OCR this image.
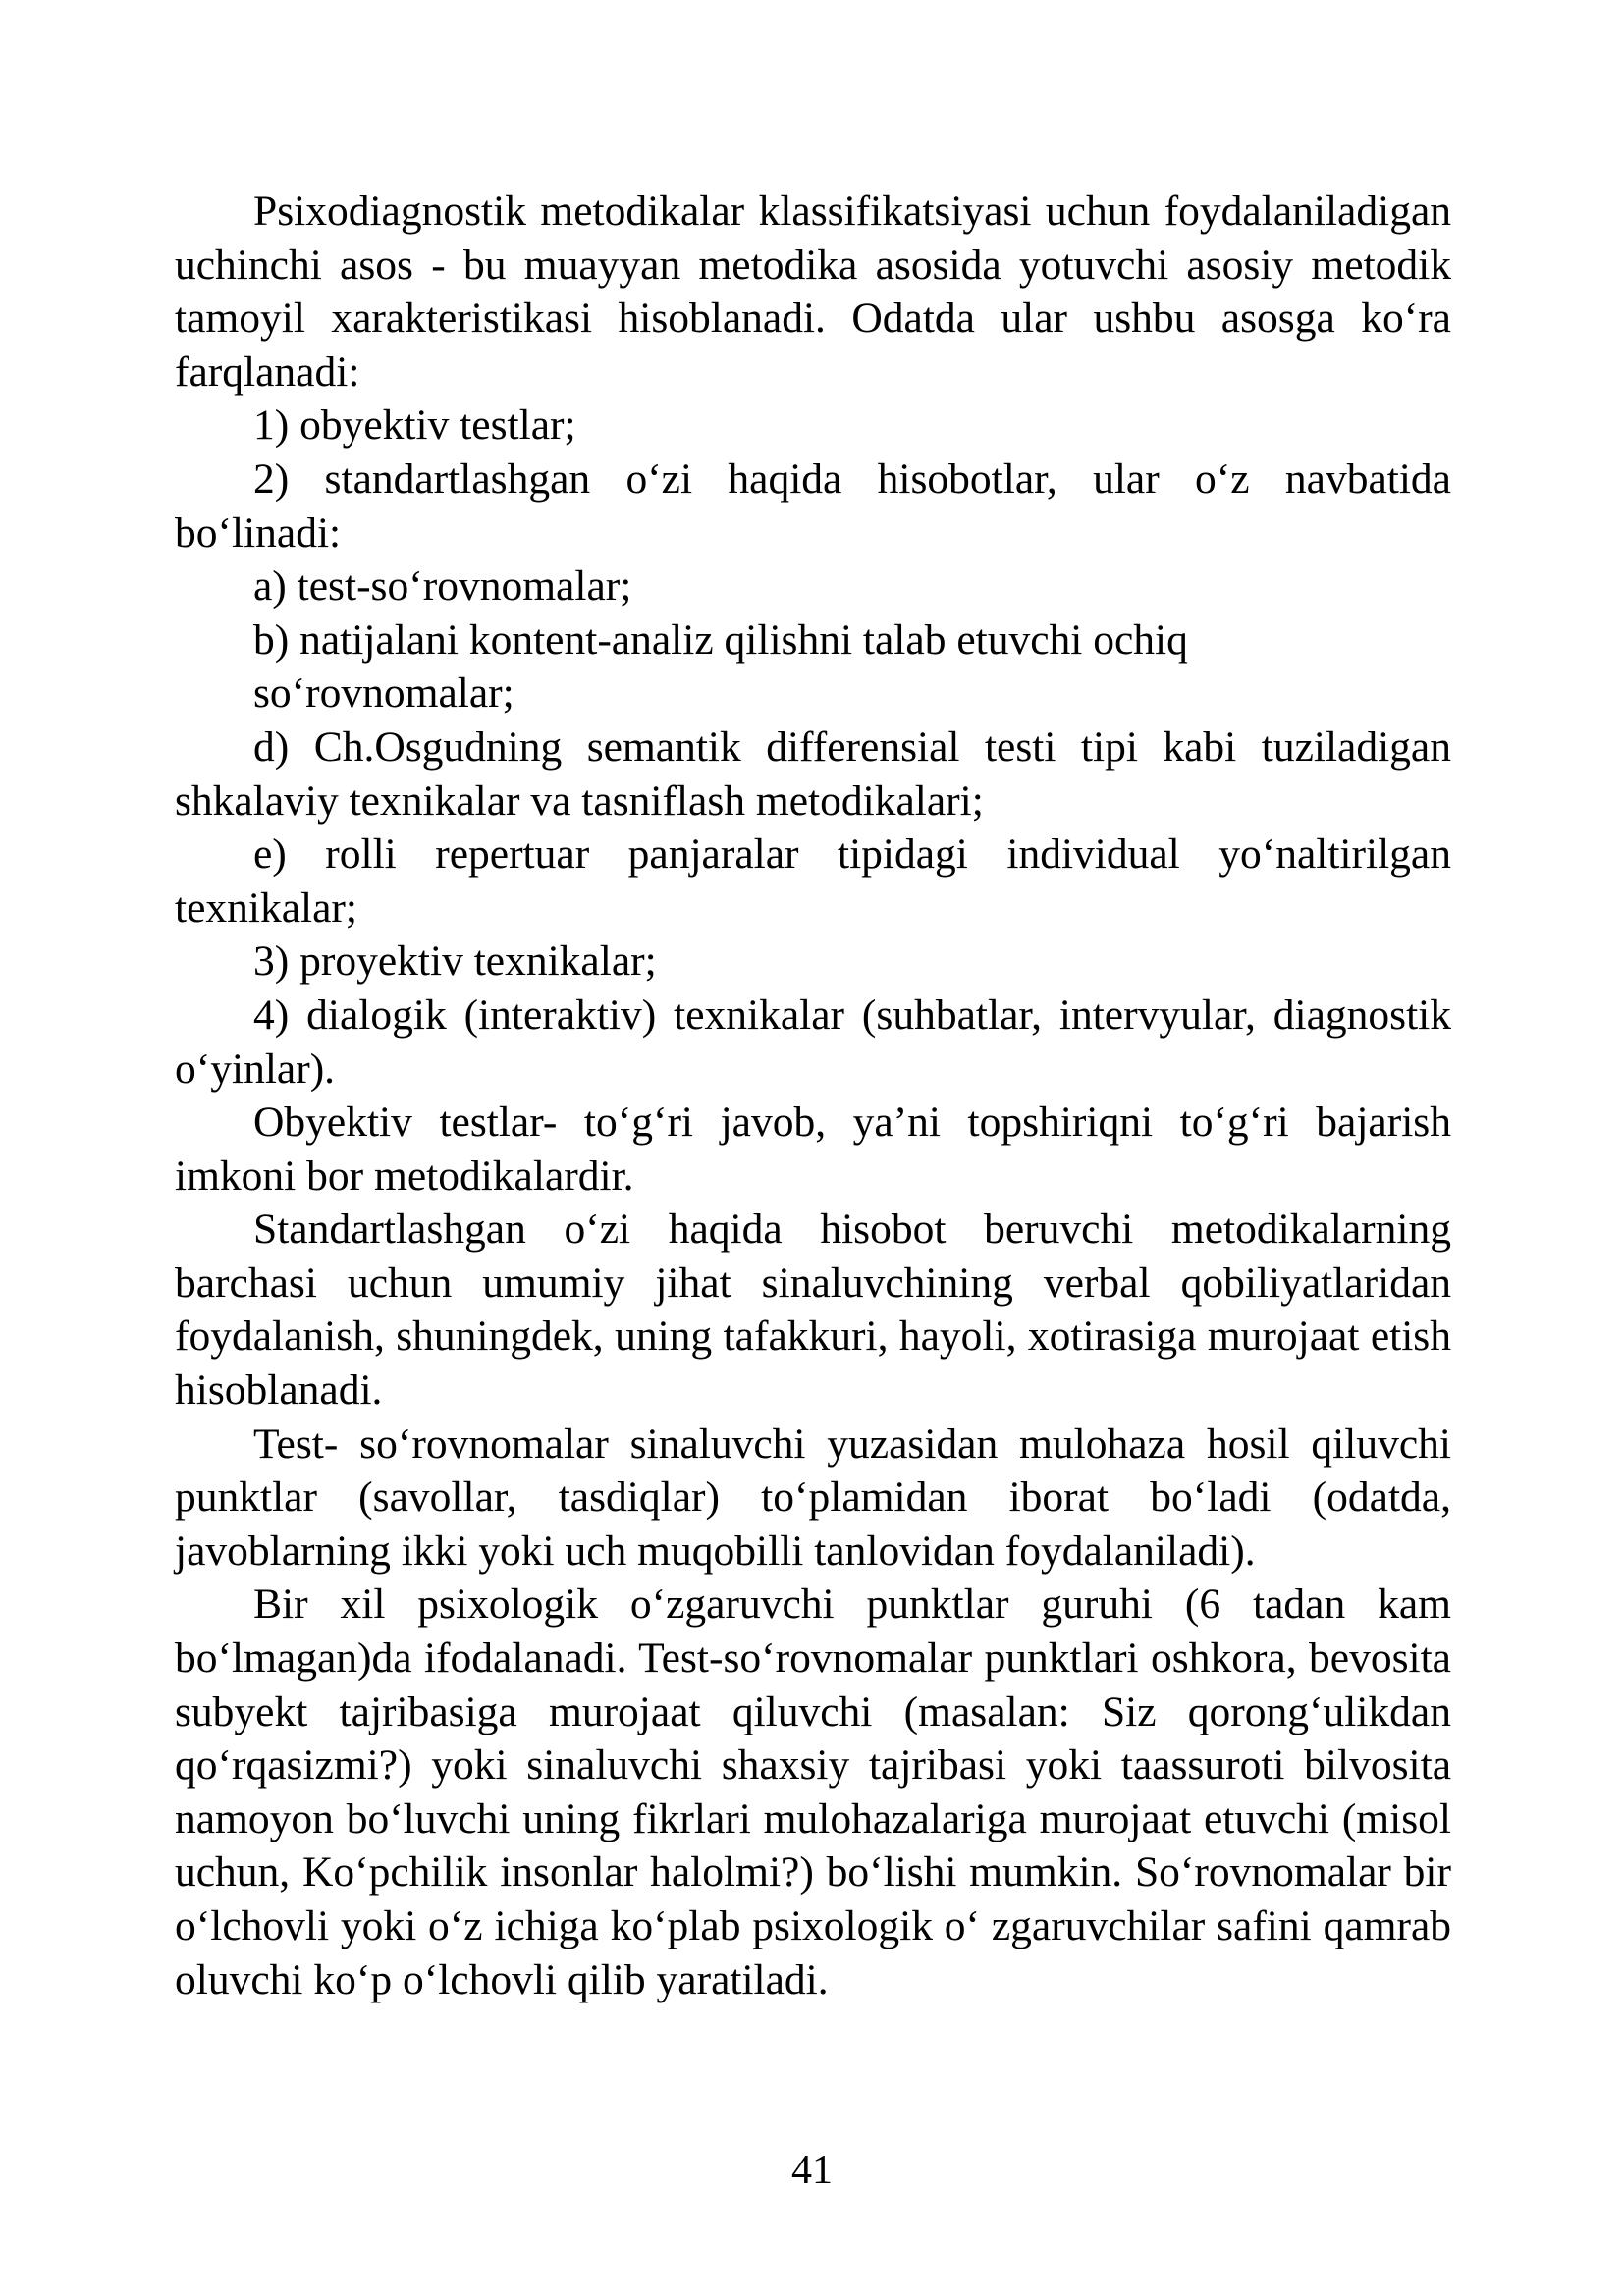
Psixodiagnostik metodikalar klassifikatsiyasi uchun foydalaniladigan uchinchi asos - bu muayyan metodika asosida yotuvchi asosiy metodik tamoyil xarakteristikasi hisoblanadi. Odatda ular ushbu asosga ko‘ra farqlanadi:

1) obyektiv testlar;

2) standartlashgan o‘zi haqida hisobotlar, ular o‘z navbatida bo‘linadi:

a) test-so‘rovnomalar;

b) natijalani kontent-analiz qilishni talab etuvchi ochiq so‘rovnomalar;

d) Ch.Osgudning semantik differensial testi tipi kabi tuziladigan shkalaviy texnikalar va tasniflash metodikalari;

e) rolli repertuar panjaralar tipidagi individual yo‘naltirilgan texnikalar;

3) proyektiv texnikalar;

4) dialogik (interaktiv) texnikalar (suhbatlar, intervyular, diagnostik o‘yinlar).

Obyektiv testlar- to‘g‘ri javob, ya’ni topshiriqni to‘g‘ri bajarish imkoni bor metodikalardir.

Standartlashgan o‘zi haqida hisobot beruvchi metodikalarning barchasi uchun umumiy jihat sinaluvchining verbal qobiliyatlaridan foydalanish, shuningdek, uning tafakkuri, hayoli, xotirasiga murojaat etish hisoblanadi.

Test- so‘rovnomalar sinaluvchi yuzasidan mulohaza hosil qiluvchi punktlar (savollar, tasdiqlar) to‘plamidan iborat bo‘ladi (odatda, javoblarning ikki yoki uch muqobilli tanlovidan foydalaniladi).

Bir xil psixologik o‘zgaruvchi punktlar guruhi (6 tadan kam bo‘lmagan)da ifodalanadi. Test-so‘rovnomalar punktlari oshkora, bevosita subyekt tajribasiga murojaat qiluvchi (masalan: Siz qorong‘ulikdan qo‘rqasizmi?) yoki sinaluvchi shaxsiy tajribasi yoki taassuroti bilvosita namoyon bo‘luvchi uning fikrlari mulohazalariga murojaat etuvchi (misol uchun, Ko‘pchilik insonlar halolmi?) bo‘lishi mumkin. So‘rovnomalar bir o‘lchovli yoki o‘z ichiga ko‘plab psixologik o‘ zgaruvchilar safini qamrab oluvchi ko‘p o‘lchovli qilib yaratiladi.

41
